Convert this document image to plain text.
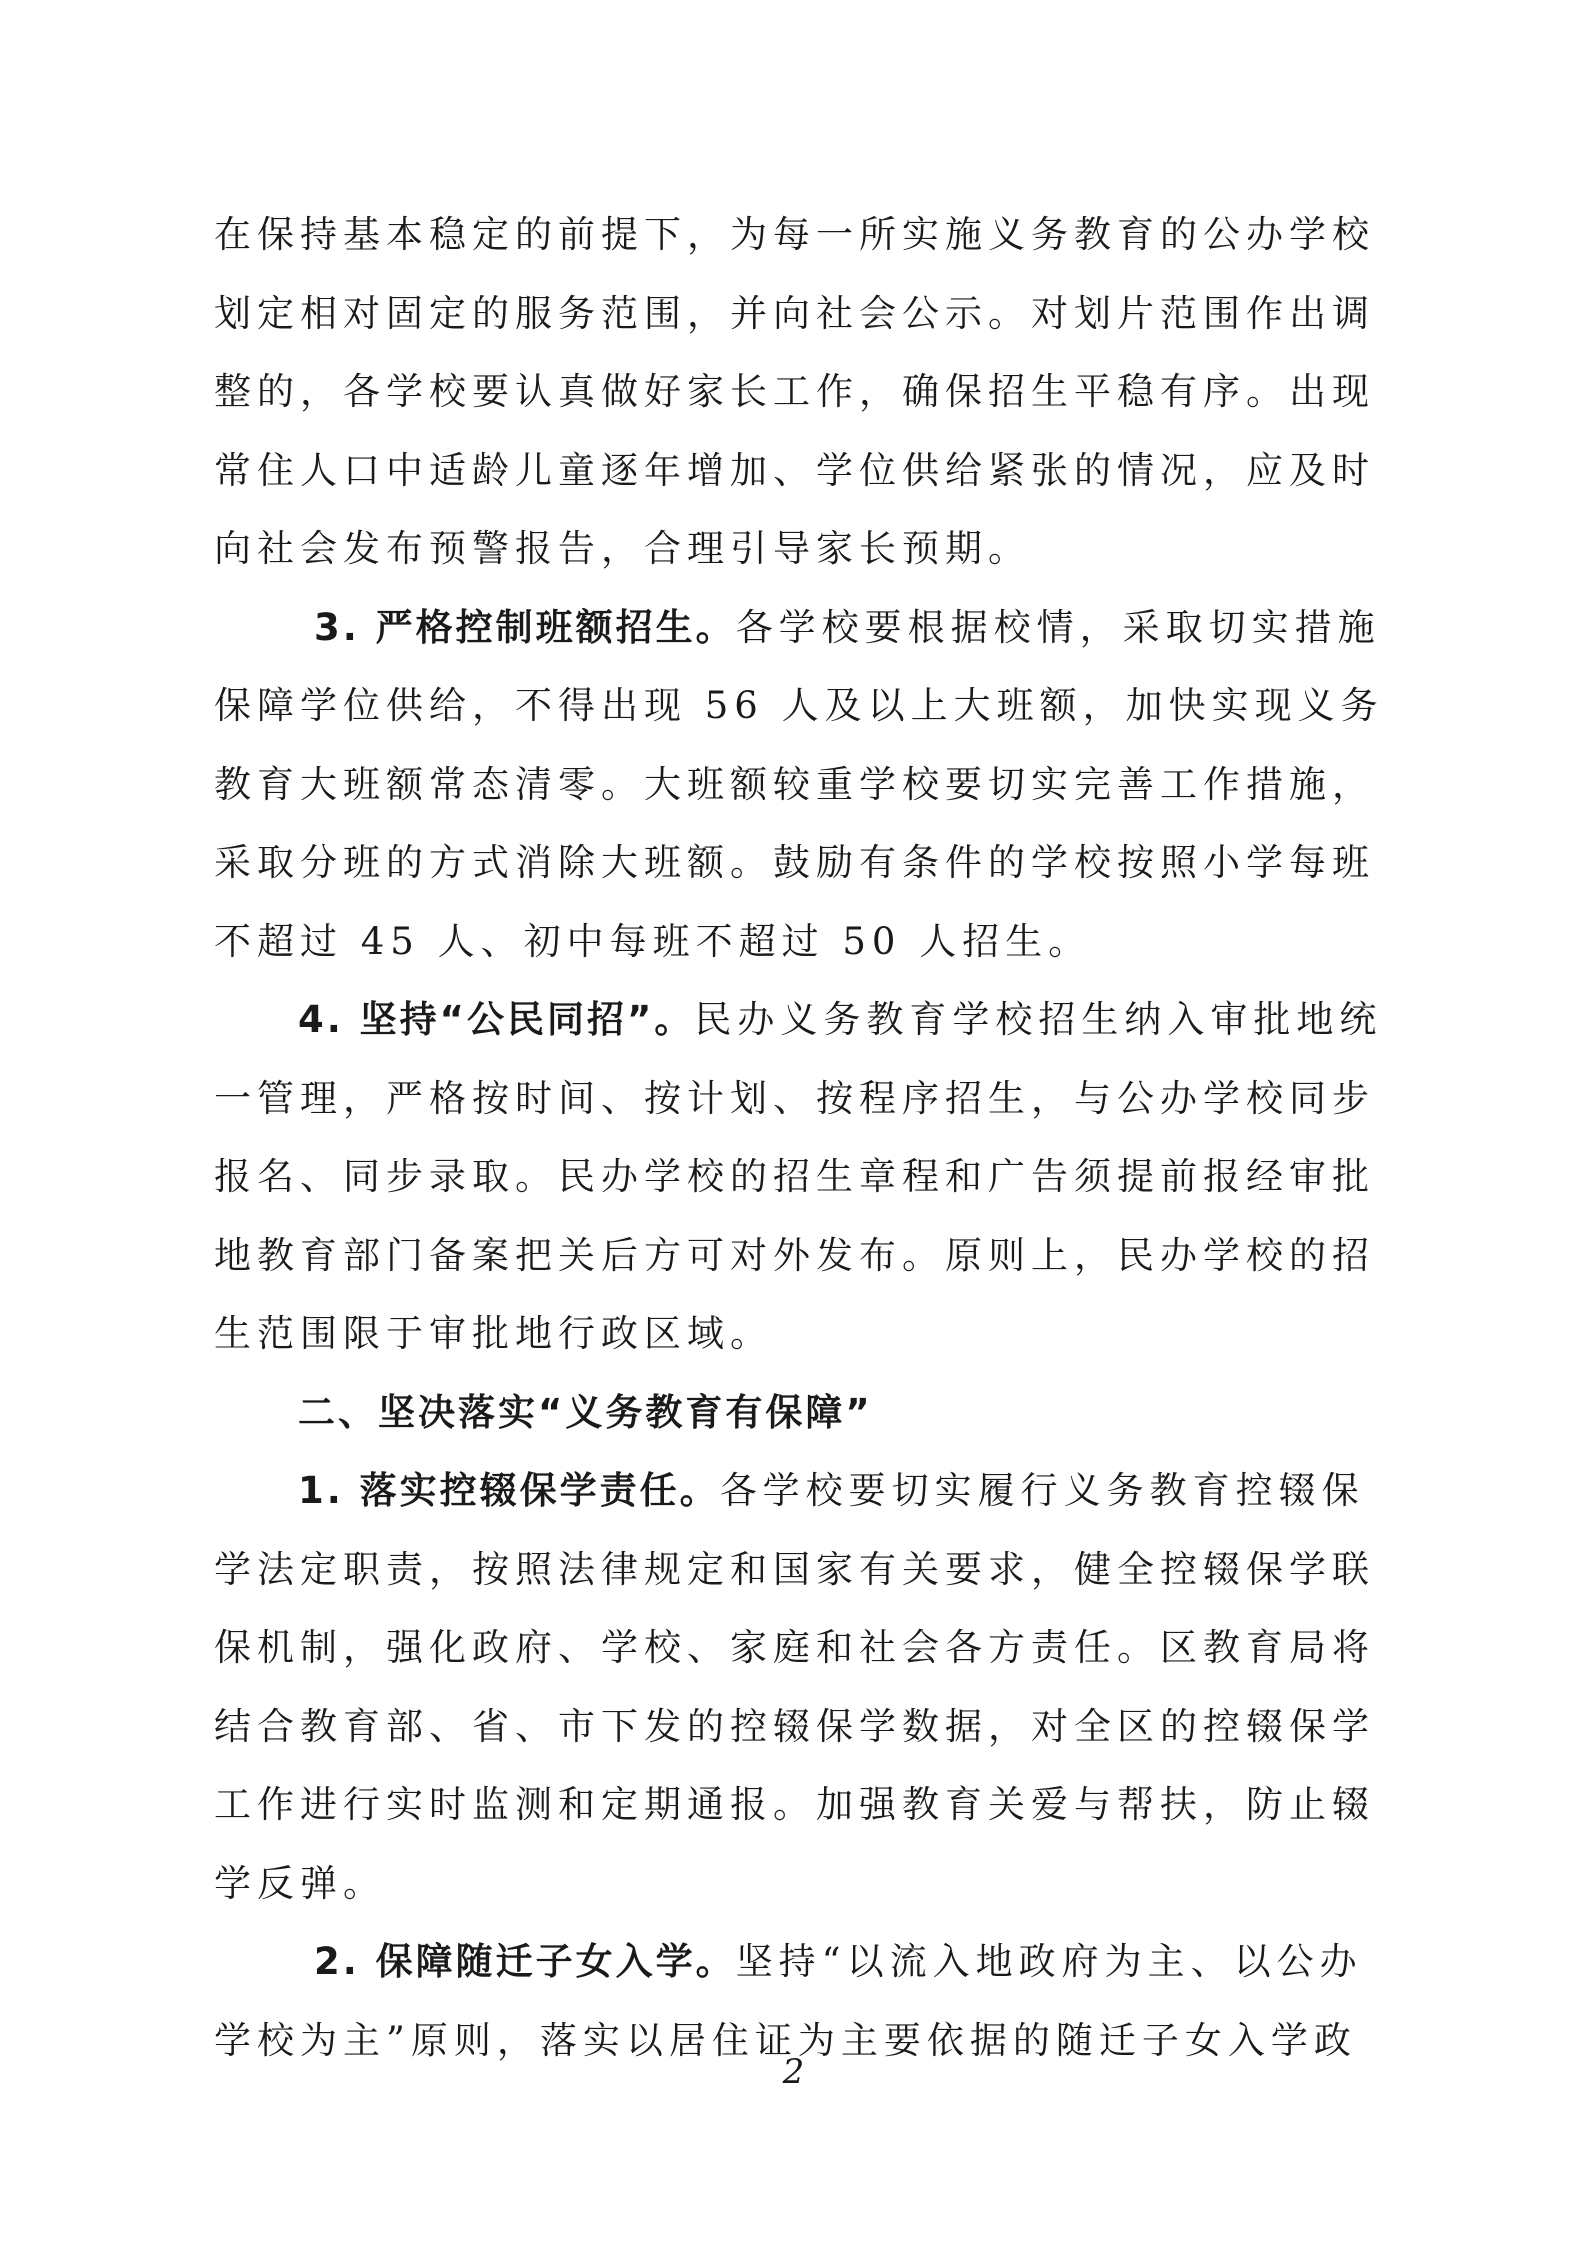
在保持基本稳定的前提下，为每一所实施义务教育的公办学校
划定相对固定的服务范围，并向社会公示。对划片范围作出调
整的，各学校要认真做好家长工作，确保招生平稳有序。出现
常住人口中适龄儿童逐年增加、学位供给紧张的情况，应及时
向社会发布预警报告，合理引导家长预期。
3. 严格控制班额招生。各学校要根据校情，采取切实措施
保障学位供给，不得出现 56 人及以上大班额，加快实现义务
教育大班额常态清零。大班额较重学校要切实完善工作措施，
采取分班的方式消除大班额。鼓励有条件的学校按照小学每班
不超过 45 人、初中每班不超过 50 人招生。
4. 坚持“公民同招”。民办义务教育学校招生纳入审批地统
一管理，严格按时间、按计划、按程序招生，与公办学校同步
报名、同步录取。民办学校的招生章程和广告须提前报经审批
地教育部门备案把关后方可对外发布。原则上，民办学校的招
生范围限于审批地行政区域。
二、坚决落实“义务教育有保障”
1. 落实控辍保学责任。各学校要切实履行义务教育控辍保
学法定职责，按照法律规定和国家有关要求，健全控辍保学联
保机制，强化政府、学校、家庭和社会各方责任。区教育局将
结合教育部、省、市下发的控辍保学数据，对全区的控辍保学
工作进行实时监测和定期通报。加强教育关爱与帮扶，防止辍
学反弹。
2. 保障随迁子女入学。坚持“以流入地政府为主、以公办
学校为主”原则，落实以居住证为主要依据的随迁子女入学政
2
